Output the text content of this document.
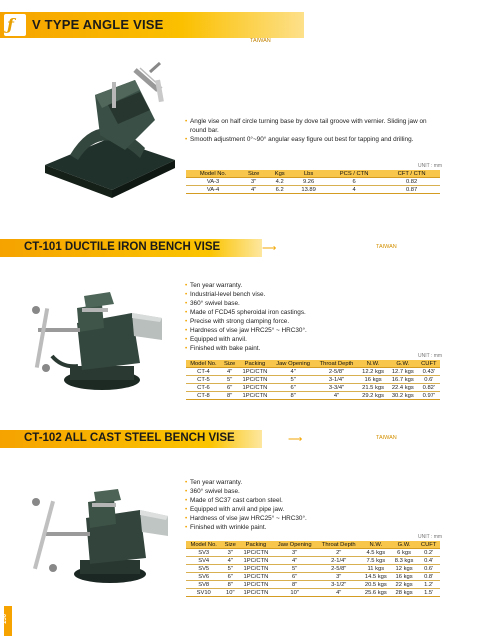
V TYPE ANGLE VISE
ƒ
TAIWAN
• Angle vise on half circle turning base by dove tail groove with vernier. Sliding jaw on round bar.
• Smooth adjustment 0°~90° angular easy figure out best for tapping and drilling.
UNIT : mm
Model No.	Size	Kgs	Lbs	PCS / CTN	CFT / CTN
VA-3	3"	4.2	9.26	6	0.82
VA-4	4"	6.2	13.89	4	0.87
CT-101 DUCTILE IRON BENCH VISE	⟶	TAIWAN
• Ten year warranty.
• Industrial-level bench vise.
• 360° swivel base.
• Made of FCD45 spheroidal iron castings.
• Precise with strong clamping force.
• Hardness of vise jaw HRC25° ~ HRC30°.
• Equipped with anvil.
• Finished with bake paint.
UNIT : mm
Model No.	Size	Packing	Jaw Opening	Throat Depth	N.W.	G.W.	CUFT
CT-4	4"	1PC/CTN	4"	2-5/8"	12.2 kgs	12.7 kgs	0.43'
CT-5	5"	1PC/CTN	5"	3-1/4"	16 kgs	16.7 kgs	0.6'
CT-6	6"	1PC/CTN	6"	3-3/4"	21.5 kgs	22.4 kgs	0.82'
CT-8	8"	1PC/CTN	8"	4"	29.2 kgs	30.2 kgs	0.97'
CT-102 ALL CAST STEEL BENCH VISE	⟶	TAIWAN
• Ten year warranty.
• 360° swivel base.
• Made of SC37 cast carbon steel.
• Equipped with anvil and pipe jaw.
• Hardness of vise jaw HRC25° ~ HRC30°.
• Finished with wrinkle paint.
UNIT : mm
Model No.	Size	Packing	Jaw Opening	Throat Depth	N.W.	G.W.	CUFT
SV3	3"	1PC/CTN	3"	2"	4.5 kgs	6 kgs	0.2'
SV4	4"	1PC/CTN	4"	2-1/4"	7.5 kgs	8.3 kgs	0.4'
SV5	5"	1PC/CTN	5"	2-5/8"	11 kgs	12 kgs	0.6'
SV6	6"	1PC/CTN	6"	3"	14.5 kgs	16 kgs	0.8'
SV8	8"	1PC/CTN	8"	3-1/2"	20.5 kgs	22 kgs	1.2'
SV10	10"	1PC/CTN	10"	4"	25.6 kgs	28 kgs	1.5'
156
